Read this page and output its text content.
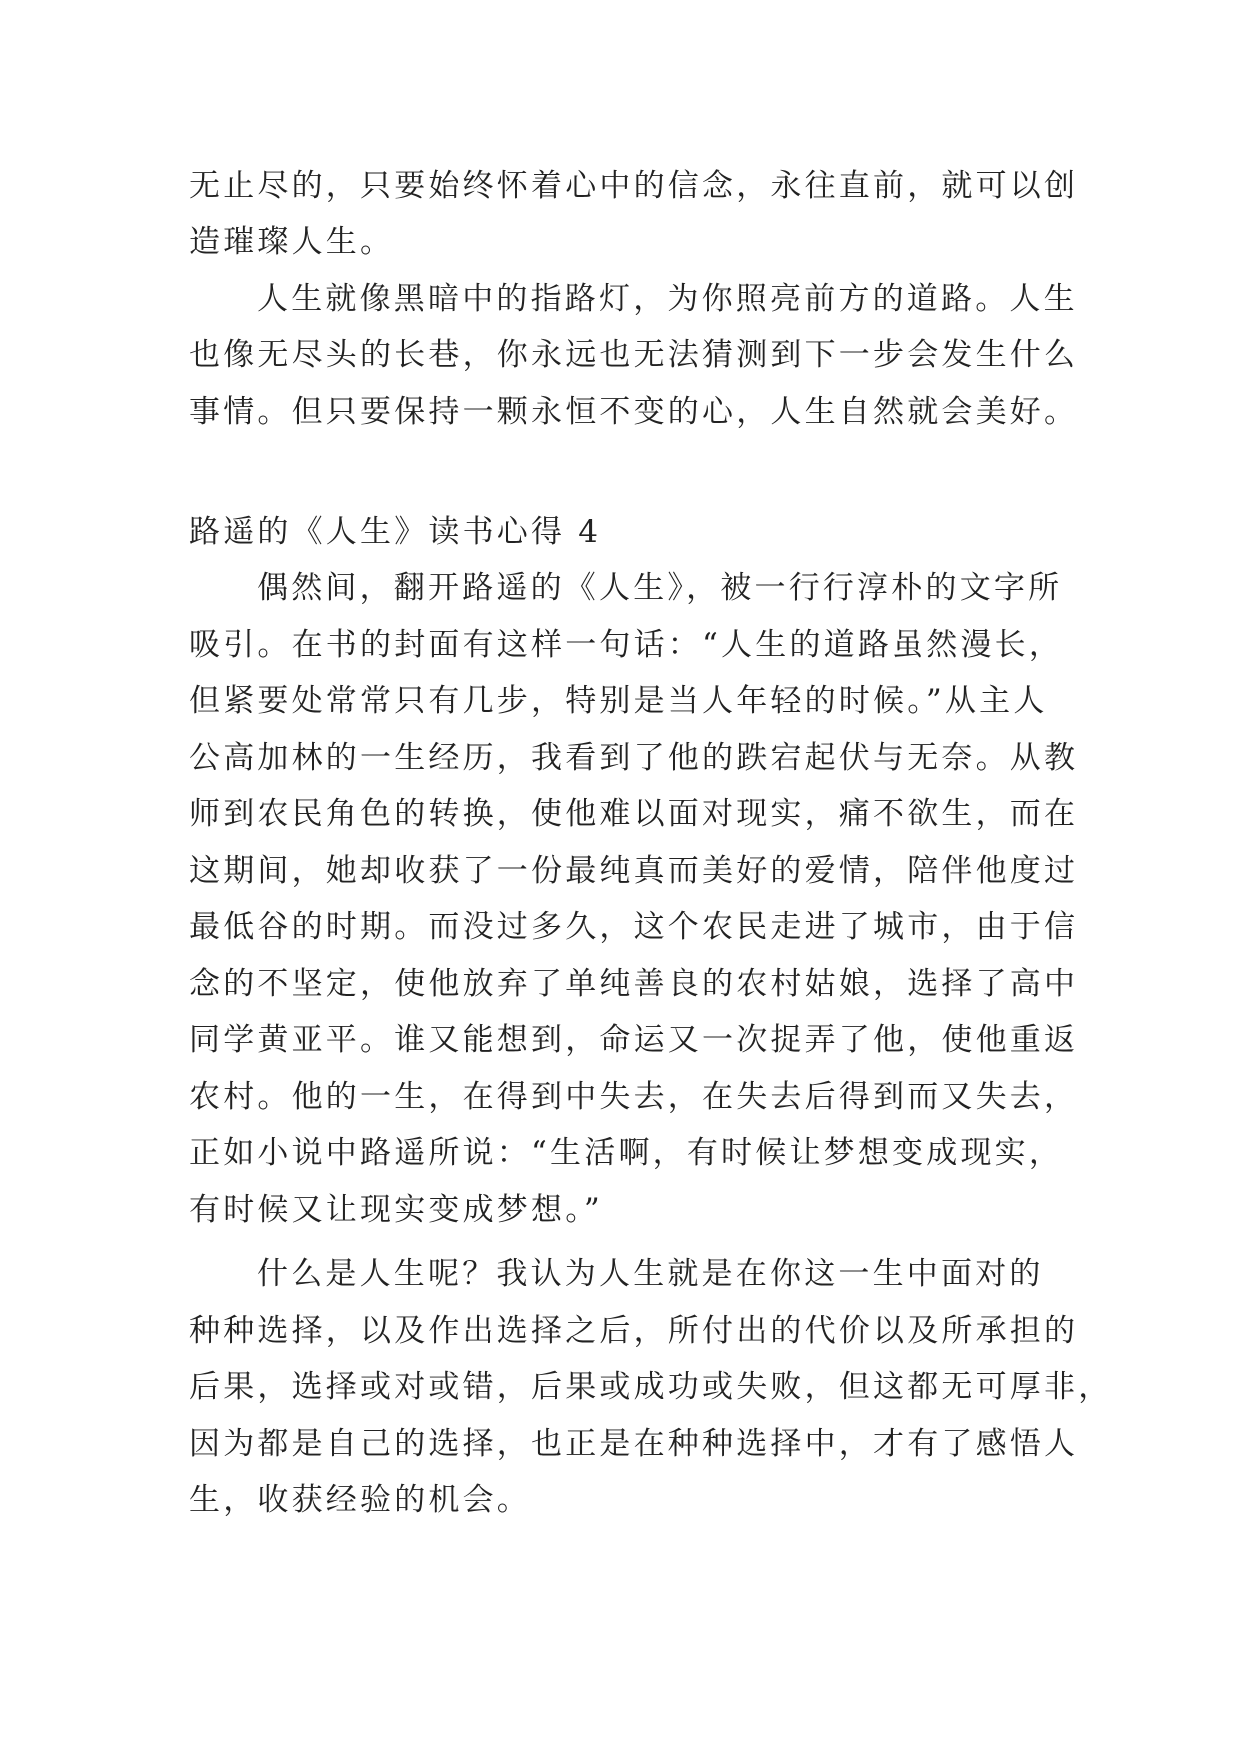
无止尽的，只要始终怀着心中的信念，永往直前，就可以创
造璀璨人生。
人生就像黑暗中的指路灯，为你照亮前方的道路。人生
也像无尽头的长巷，你永远也无法猜测到下一步会发生什么
事情。但只要保持一颗永恒不变的心，人生自然就会美好。
路遥的《人生》读书心得 4
偶然间，翻开路遥的《人生》，被一行行淳朴的文字所
吸引。在书的封面有这样一句话：“人生的道路虽然漫长，
但紧要处常常只有几步，特别是当人年轻的时候。”从主人
公高加林的一生经历，我看到了他的跌宕起伏与无奈。从教
师到农民角色的转换，使他难以面对现实，痛不欲生，而在
这期间，她却收获了一份最纯真而美好的爱情，陪伴他度过
最低谷的时期。而没过多久，这个农民走进了城市，由于信
念的不坚定，使他放弃了单纯善良的农村姑娘，选择了高中
同学黄亚平。谁又能想到，命运又一次捉弄了他，使他重返
农村。他的一生，在得到中失去，在失去后得到而又失去，
正如小说中路遥所说：“生活啊，有时候让梦想变成现实，
有时候又让现实变成梦想。”
什么是人生呢？我认为人生就是在你这一生中面对的
种种选择，以及作出选择之后，所付出的代价以及所承担的
后果，选择或对或错，后果或成功或失败，但这都无可厚非，
因为都是自己的选择，也正是在种种选择中，才有了感悟人
生，收获经验的机会。
